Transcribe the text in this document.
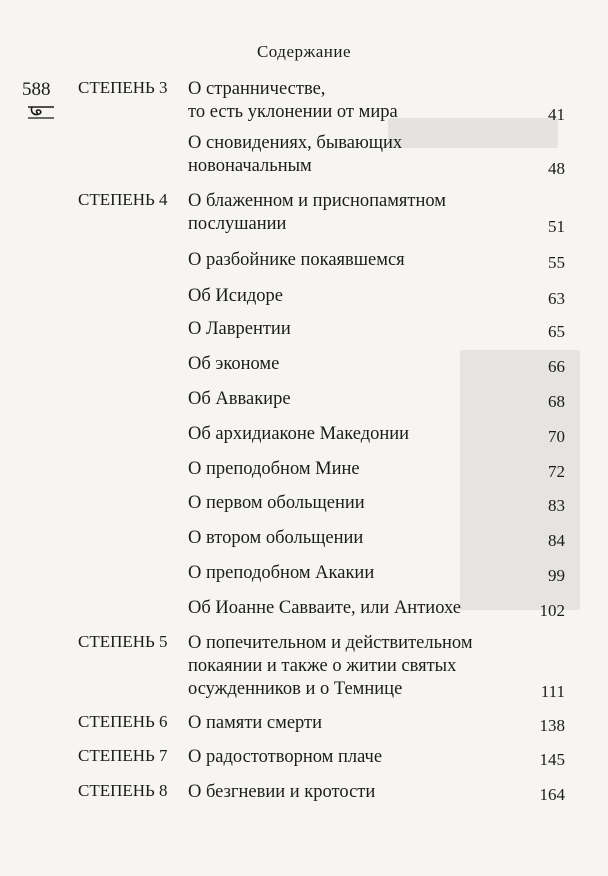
Содержание
588 СТЕПЕНЬ 3 О странничестве,
то есть уклонении от мира	41
О сновидениях, бывающих
новоначальным	48
СТЕПЕНЬ 4 О блаженном и приснопамятном
послушании	51
О разбойнике покаявшемся	55
Об Исидоре	63
О Лаврентии	65
Об экономе	66
Об Аввакире	68
Об архидиаконе Македонии	70
О преподобном Мине	72
О первом обольщении	83
О втором обольщении	84
О преподобном Акакии	99
Об Иоанне Савваите, или Антиохе	102
СТЕПЕНЬ 5 О попечительном и действительном
покаянии и также о житии святых
осужденников и о Темнице	111
СТЕПЕНЬ 6 О памяти смерти	138
СТЕПЕНЬ 7 О радостотворном плаче	145
СТЕПЕНЬ 8 О безгневии и кротости	164
